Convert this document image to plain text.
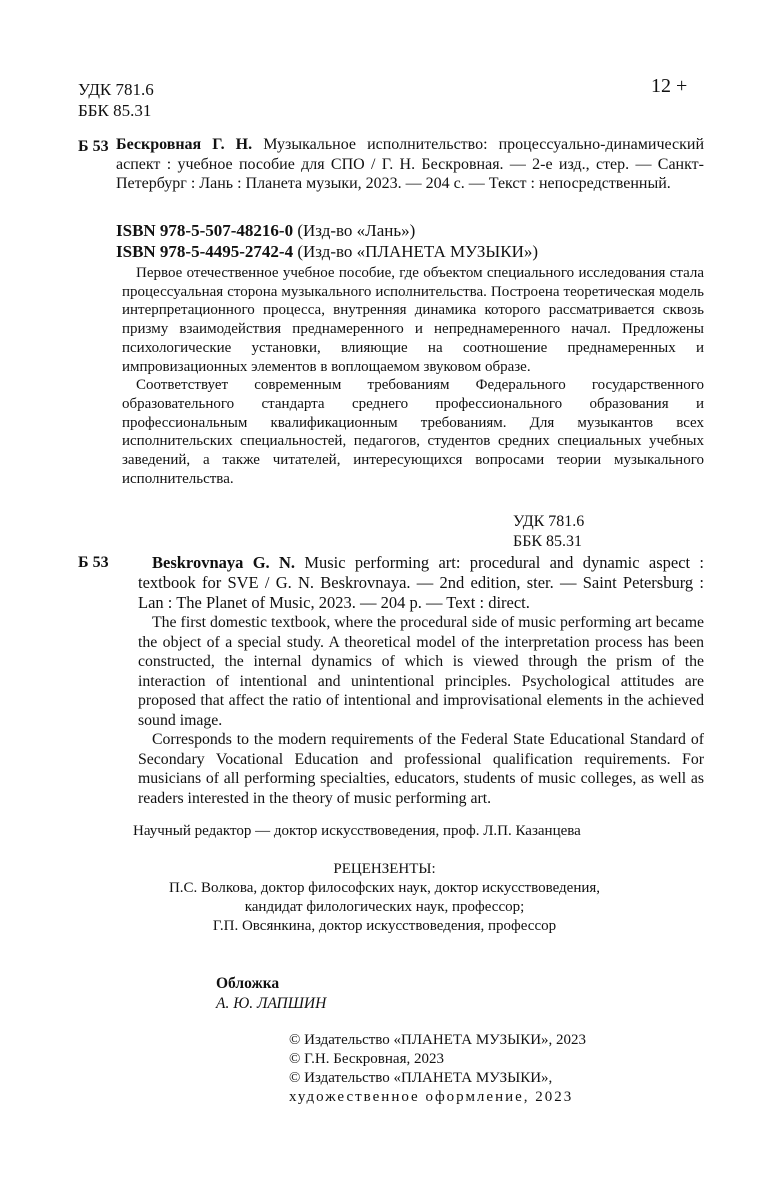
УДК 781.6
ББК 85.31
12 +
Б 53 Бескровная Г. Н. Музыкальное исполнительство: процессуально-динамический аспект : учебное пособие для СПО / Г. Н. Бескровная. — 2-е изд., стер. — Санкт-Петербург : Лань : Планета музыки, 2023. — 204 с. — Текст : непосредственный.
ISBN 978-5-507-48216-0 (Изд-во «Лань»)
ISBN 978-5-4495-2742-4 (Изд-во «ПЛАНЕТА МУЗЫКИ»)

Первое отечественное учебное пособие, где объектом специального исследования стала процессуальная сторона музыкального исполнительства. Построена теоретическая модель интерпретационного процесса, внутренняя динамика которого рассматривается сквозь призму взаимодействия преднамеренного и непреднамеренного начал. Предложены психологические установки, влияющие на соотношение преднамеренных и импровизационных элементов в воплощаемом звуковом образе.

Соответствует современным требованиям Федерального государственного образовательного стандарта среднего профессионального образования и профессиональным квалификационным требованиям. Для музыкантов всех исполнительских специальностей, педагогов, студентов средних специальных учебных заведений, а также читателей, интересующихся вопросами теории музыкального исполнительства.

УДК 781.6
ББК 85.31
Б 53	Beskrovnaya G. N. Music performing art: procedural and dynamic aspect : textbook for SVE / G. N. Beskrovnaya. — 2nd edition, ster. — Saint Petersburg : Lan : The Planet of Music, 2023. — 204 p. — Text : direct.

The first domestic textbook, where the procedural side of music performing art became the object of a special study. A theoretical model of the interpretation process has been constructed, the internal dynamics of which is viewed through the prism of the interaction of intentional and unintentional principles. Psychological attitudes are proposed that affect the ratio of intentional and improvisational elements in the achieved sound image.

Corresponds to the modern requirements of the Federal State Educational Standard of Secondary Vocational Education and professional qualification requirements. For musicians of all performing specialties, educators, students of music colleges, as well as readers interested in the theory of music performing art.

Научный редактор — доктор искусствоведения, проф. Л.П. Казанцева
РЕЦЕНЗЕНТЫ:
П.С. Волкова, доктор философских наук, доктор искусствоведения,
кандидат филологических наук, профессор;
Г.П. Овсянкина, доктор искусствоведения, профессор
Обложка
А. Ю. ЛАПШИН
© Издательство «ПЛАНЕТА МУЗЫКИ», 2023
© Г.Н. Бескровная, 2023
© Издательство «ПЛАНЕТА МУЗЫКИ»,
художественное оформление, 2023
